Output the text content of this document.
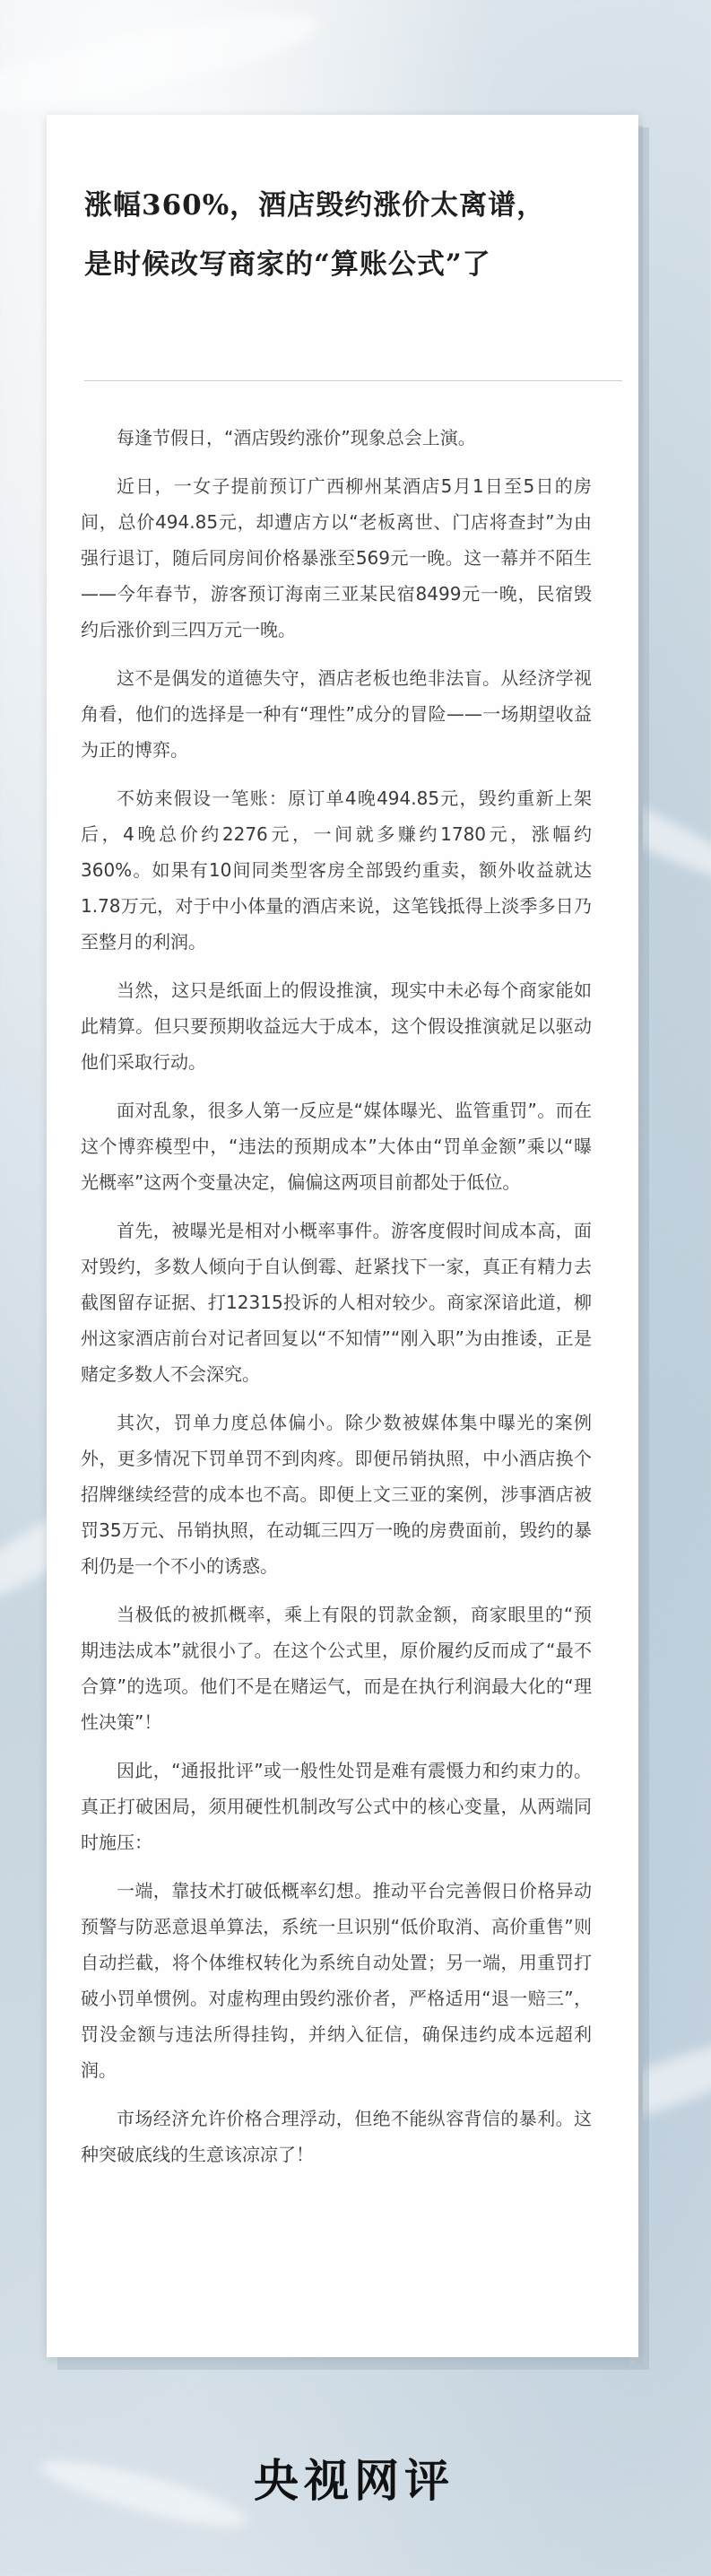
涨幅360%，酒店毁约涨价太离谱，
是时候改写商家的“算账公式”了

每逢节假日，“酒店毁约涨价”现象总会上演。

近日，一女子提前预订广西柳州某酒店5月1日至5日的房间，总价494.85元，却遭店方以“老板离世、门店将查封”为由强行退订，随后同房间价格暴涨至569元一晚。这一幕并不陌生——今年春节，游客预订海南三亚某民宿8499元一晚，民宿毁约后涨价到三四万元一晚。

这不是偶发的道德失守，酒店老板也绝非法盲。从经济学视角看，他们的选择是一种有“理性”成分的冒险——一场期望收益为正的博弈。

不妨来假设一笔账：原订单4晚494.85元，毁约重新上架后，4晚总价约2276元，一间就多赚约1780元，涨幅约360%。如果有10间同类型客房全部毁约重卖，额外收益就达1.78万元，对于中小体量的酒店来说，这笔钱抵得上淡季多日乃至整月的利润。

当然，这只是纸面上的假设推演，现实中未必每个商家能如此精算。但只要预期收益远大于成本，这个假设推演就足以驱动他们采取行动。

面对乱象，很多人第一反应是“媒体曝光、监管重罚”。而在这个博弈模型中，“违法的预期成本”大体由“罚单金额”乘以“曝光概率”这两个变量决定，偏偏这两项目前都处于低位。

首先，被曝光是相对小概率事件。游客度假时间成本高，面对毁约，多数人倾向于自认倒霉、赶紧找下一家，真正有精力去截图留存证据、打12315投诉的人相对较少。商家深谙此道，柳州这家酒店前台对记者回复以“不知情”“刚入职”为由推诿，正是赌定多数人不会深究。

其次，罚单力度总体偏小。除少数被媒体集中曝光的案例外，更多情况下罚单罚不到肉疼。即便吊销执照，中小酒店换个招牌继续经营的成本也不高。即便上文三亚的案例，涉事酒店被罚35万元、吊销执照，在动辄三四万一晚的房费面前，毁约的暴利仍是一个不小的诱惑。

当极低的被抓概率，乘上有限的罚款金额，商家眼里的“预期违法成本”就很小了。在这个公式里，原价履约反而成了“最不合算”的选项。他们不是在赌运气，而是在执行利润最大化的“理性决策”！

因此，“通报批评”或一般性处罚是难有震慑力和约束力的。真正打破困局，须用硬性机制改写公式中的核心变量，从两端同时施压：

一端，靠技术打破低概率幻想。推动平台完善假日价格异动预警与防恶意退单算法，系统一旦识别“低价取消、高价重售”则自动拦截，将个体维权转化为系统自动处置；另一端，用重罚打破小罚单惯例。对虚构理由毁约涨价者，严格适用“退一赔三”，罚没金额与违法所得挂钩，并纳入征信，确保违约成本远超利润。

市场经济允许价格合理浮动，但绝不能纵容背信的暴利。这种突破底线的生意该凉凉了！

央视网评
